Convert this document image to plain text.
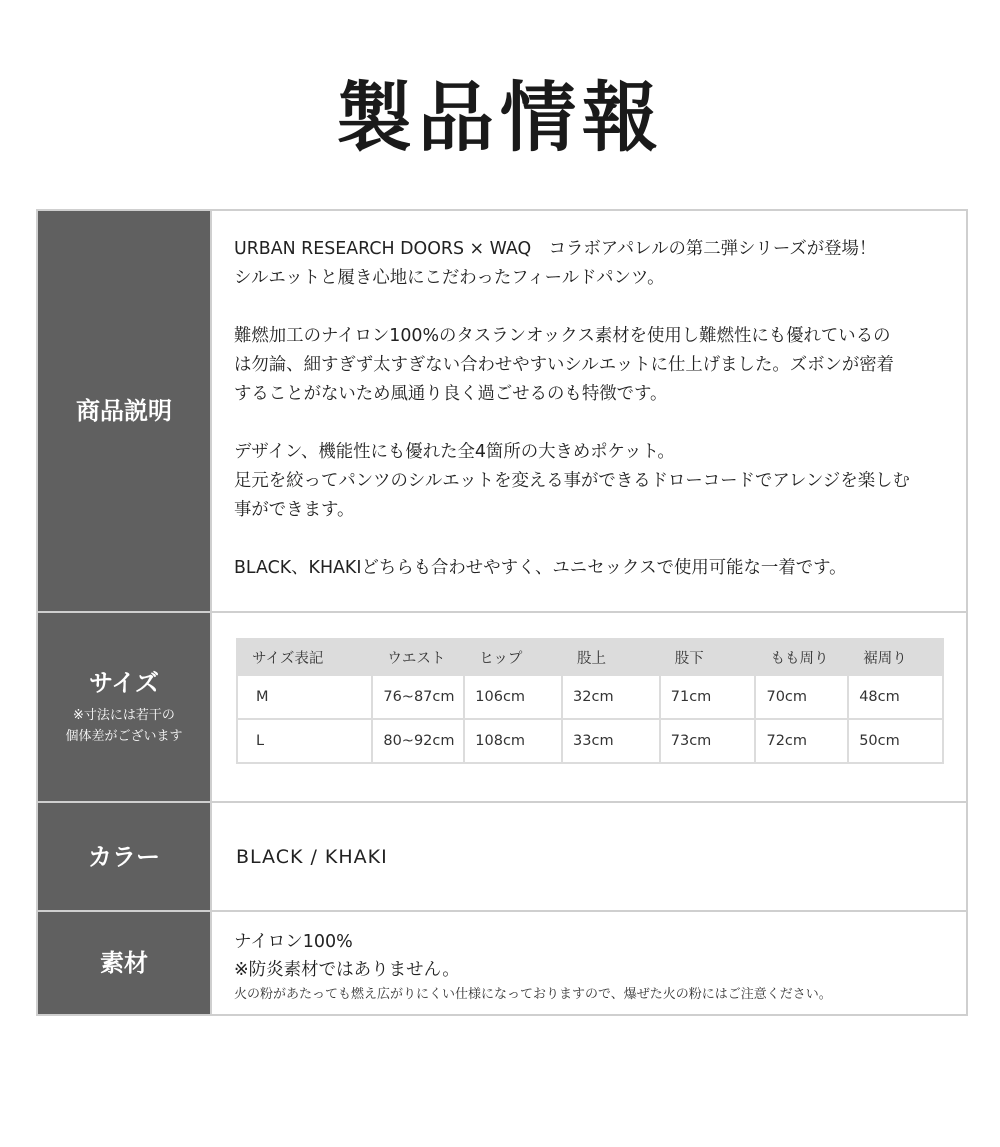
製品情報
商品説明

URBAN RESEARCH DOORS × WAQ　コラボアパレルの第二弾シリーズが登場！
シルエットと履き心地にこだわったフィールドパンツ。

難燃加工のナイロン100%のタスランオックス素材を使用し難燃性にも優れているの
は勿論、細すぎず太すぎない合わせやすいシルエットに仕上げました。ズボンが密着
することがないため風通り良く過ごせるのも特徴です。

デザイン、機能性にも優れた全4箇所の大きめポケット。
足元を絞ってパンツのシルエットを変える事ができるドローコードでアレンジを楽しむ
事ができます。

BLACK、KHAKIどちらも合わせやすく、ユニセックスで使用可能な一着です。

サイズ
※寸法には若干の
個体差がございます
サイズ表記	ウエスト	ヒップ	股上	股下	もも周り	裾周り
M	76~87cm	106cm	32cm	71cm	70cm	48cm
L	80~92cm	108cm	33cm	73cm	72cm	50cm
カラー	BLACK / KHAKI
素材
ナイロン100%
※防炎素材ではありません。
火の粉があたっても燃え広がりにくい仕様になっておりますので、爆ぜた火の粉にはご注意ください。
